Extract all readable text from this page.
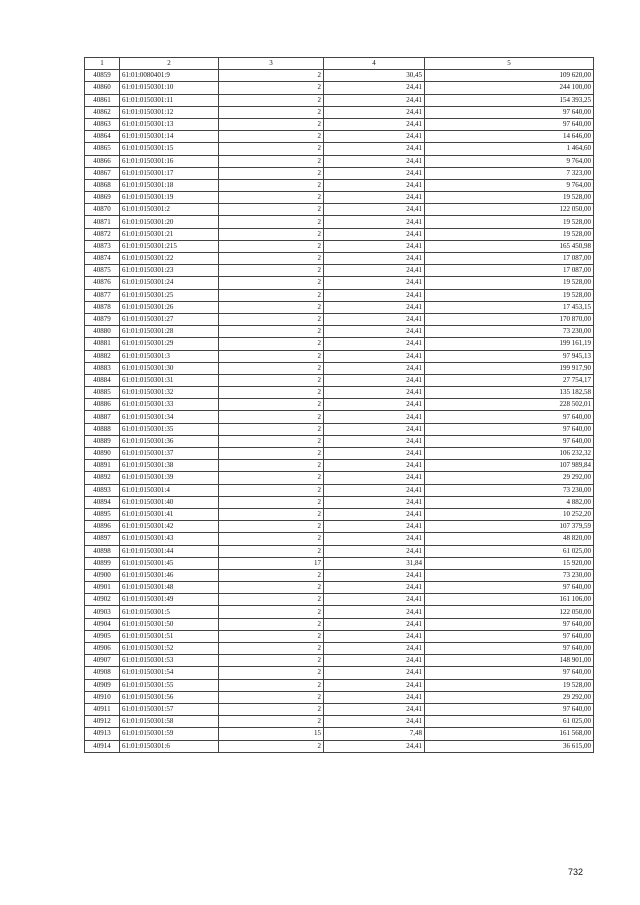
1	2	3	4	5
40859	61:01:0080401:9	2	30,45	109 620,00
40860	61:01:0150301:10	2	24,41	244 100,00
40861	61:01:0150301:11	2	24,41	154 393,25
40862	61:01:0150301:12	2	24,41	97 640,00
40863	61:01:0150301:13	2	24,41	97 640,00
40864	61:01:0150301:14	2	24,41	14 646,00
40865	61:01:0150301:15	2	24,41	1 464,60
40866	61:01:0150301:16	2	24,41	9 764,00
40867	61:01:0150301:17	2	24,41	7 323,00
40868	61:01:0150301:18	2	24,41	9 764,00
40869	61:01:0150301:19	2	24,41	19 528,00
40870	61:01:0150301:2	2	24,41	122 050,00
40871	61:01:0150301:20	2	24,41	19 528,00
40872	61:01:0150301:21	2	24,41	19 528,00
40873	61:01:0150301:215	2	24,41	165 450,98
40874	61:01:0150301:22	2	24,41	17 087,00
40875	61:01:0150301:23	2	24,41	17 087,00
40876	61:01:0150301:24	2	24,41	19 528,00
40877	61:01:0150301:25	2	24,41	19 528,00
40878	61:01:0150301:26	2	24,41	17 453,15
40879	61:01:0150301:27	2	24,41	170 870,00
40880	61:01:0150301:28	2	24,41	73 230,00
40881	61:01:0150301:29	2	24,41	199 161,19
40882	61:01:0150301:3	2	24,41	97 945,13
40883	61:01:0150301:30	2	24,41	199 917,90
40884	61:01:0150301:31	2	24,41	27 754,17
40885	61:01:0150301:32	2	24,41	135 182,58
40886	61:01:0150301:33	2	24,41	228 502,01
40887	61:01:0150301:34	2	24,41	97 640,00
40888	61:01:0150301:35	2	24,41	97 640,00
40889	61:01:0150301:36	2	24,41	97 640,00
40890	61:01:0150301:37	2	24,41	106 232,32
40891	61:01:0150301:38	2	24,41	107 989,84
40892	61:01:0150301:39	2	24,41	29 292,00
40893	61:01:0150301:4	2	24,41	73 230,00
40894	61:01:0150301:40	2	24,41	4 882,00
40895	61:01:0150301:41	2	24,41	10 252,20
40896	61:01:0150301:42	2	24,41	107 379,59
40897	61:01:0150301:43	2	24,41	48 820,00
40898	61:01:0150301:44	2	24,41	61 025,00
40899	61:01:0150301:45	17	31,84	15 920,00
40900	61:01:0150301:46	2	24,41	73 230,00
40901	61:01:0150301:48	2	24,41	97 640,00
40902	61:01:0150301:49	2	24,41	161 106,00
40903	61:01:0150301:5	2	24,41	122 050,00
40904	61:01:0150301:50	2	24,41	97 640,00
40905	61:01:0150301:51	2	24,41	97 640,00
40906	61:01:0150301:52	2	24,41	97 640,00
40907	61:01:0150301:53	2	24,41	148 901,00
40908	61:01:0150301:54	2	24,41	97 640,00
40909	61:01:0150301:55	2	24,41	19 528,00
40910	61:01:0150301:56	2	24,41	29 292,00
40911	61:01:0150301:57	2	24,41	97 640,00
40912	61:01:0150301:58	2	24,41	61 025,00
40913	61:01:0150301:59	15	7,48	161 568,00
40914	61:01:0150301:6	2	24,41	36 615,00
732
